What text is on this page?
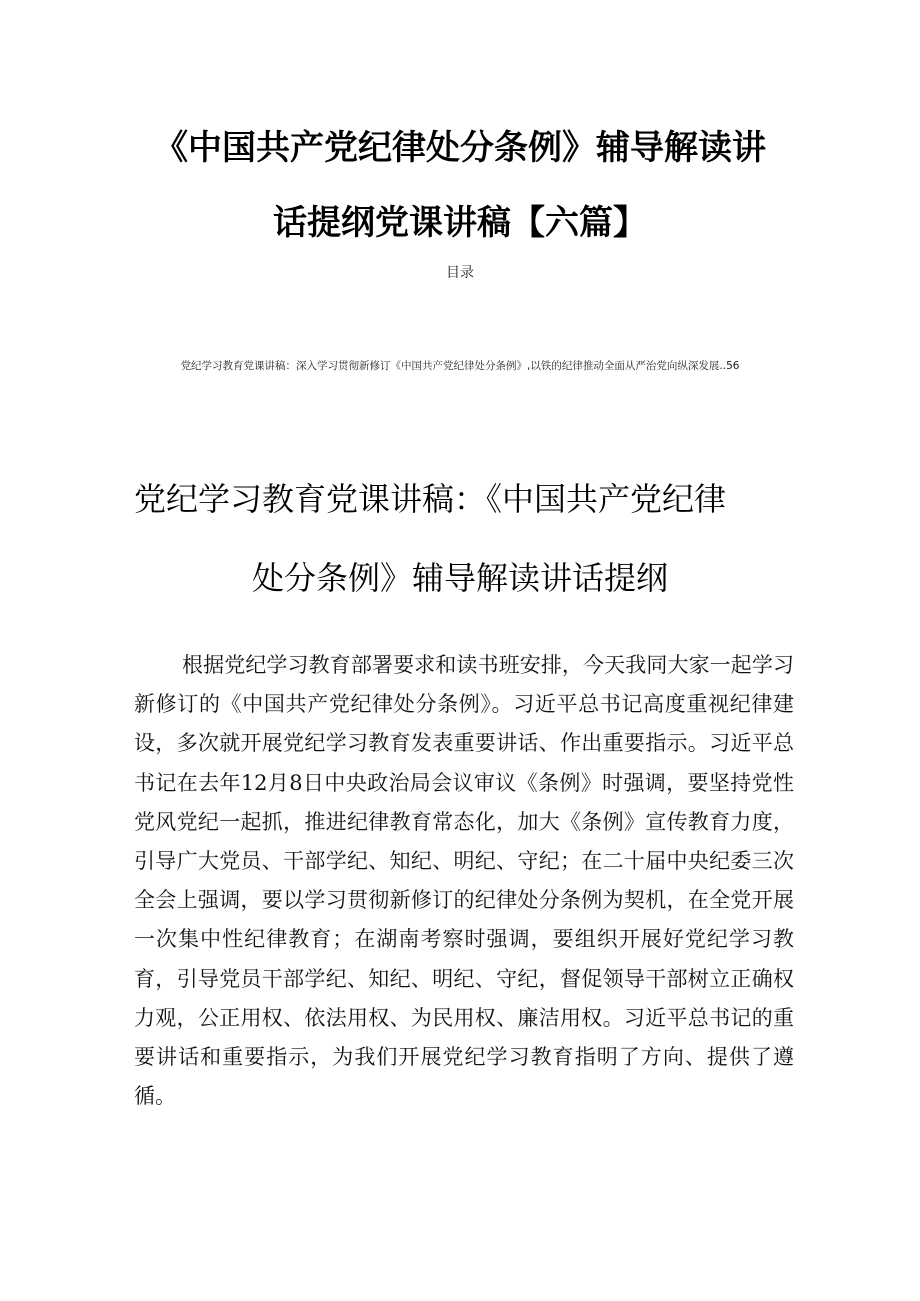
《中国共产党纪律处分条例》辅导解读讲
话提纲党课讲稿【六篇】
目录
党纪学习教育党课讲稿：深入学习贯彻新修订《中国共产党纪律处分条例》,以铁的纪律推动全面从严治党向纵深发展..56
党纪学习教育党课讲稿：《中国共产党纪律
处分条例》辅导解读讲话提纲

根据党纪学习教育部署要求和读书班安排，今天我同大家一起学习新修订的《中国共产党纪律处分条例》。习近平总书记高度重视纪律建设，多次就开展党纪学习教育发表重要讲话、作出重要指示。习近平总书记在去年12月8日中央政治局会议审议《条例》时强调，要坚持党性党风党纪一起抓，推进纪律教育常态化，加大《条例》宣传教育力度，引导广大党员、干部学纪、知纪、明纪、守纪；在二十届中央纪委三次全会上强调，要以学习贯彻新修订的纪律处分条例为契机，在全党开展一次集中性纪律教育；在湖南考察时强调，要组织开展好党纪学习教育，引导党员干部学纪、知纪、明纪、守纪，督促领导干部树立正确权力观，公正用权、依法用权、为民用权、廉洁用权。习近平总书记的重要讲话和重要指示，为我们开展党纪学习教育指明了方向、提供了遵循。
